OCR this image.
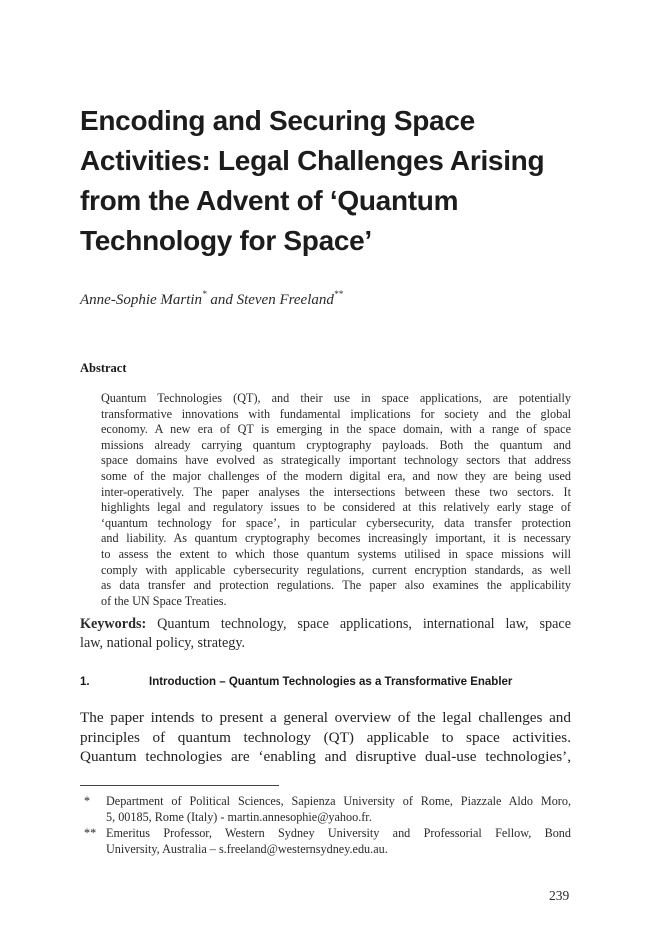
Encoding and Securing Space
Activities: Legal Challenges Arising
from the Advent of ‘Quantum
Technology for Space’
Anne-Sophie Martin* and Steven Freeland**
Abstract
Quantum Technologies (QT), and their use in space applications, are potentially
transformative innovations with fundamental implications for society and the global
economy. A new era of QT is emerging in the space domain, with a range of space
missions already carrying quantum cryptography payloads. Both the quantum and
space domains have evolved as strategically important technology sectors that address
some of the major challenges of the modern digital era, and now they are being used
inter-operatively. The paper analyses the intersections between these two sectors. It
highlights legal and regulatory issues to be considered at this relatively early stage of
‘quantum technology for space’, in particular cybersecurity, data transfer protection
and liability. As quantum cryptography becomes increasingly important, it is necessary
to assess the extent to which those quantum systems utilised in space missions will
comply with applicable cybersecurity regulations, current encryption standards, as well
as data transfer and protection regulations. The paper also examines the applicability
of the UN Space Treaties.
Keywords: Quantum technology, space applications, international law, space
law, national policy, strategy.
1.	Introduction – Quantum Technologies as a Transformative Enabler
The paper intends to present a general overview of the legal challenges and
principles of quantum technology (QT) applicable to space activities.
Quantum technologies are ‘enabling and disruptive dual-use technologies’,
* Department of Political Sciences, Sapienza University of Rome, Piazzale Aldo Moro,
5, 00185, Rome (Italy) - martin.annesophie@yahoo.fr.
** Emeritus Professor, Western Sydney University and Professorial Fellow, Bond
University, Australia – s.freeland@westernsydney.edu.au.
239
